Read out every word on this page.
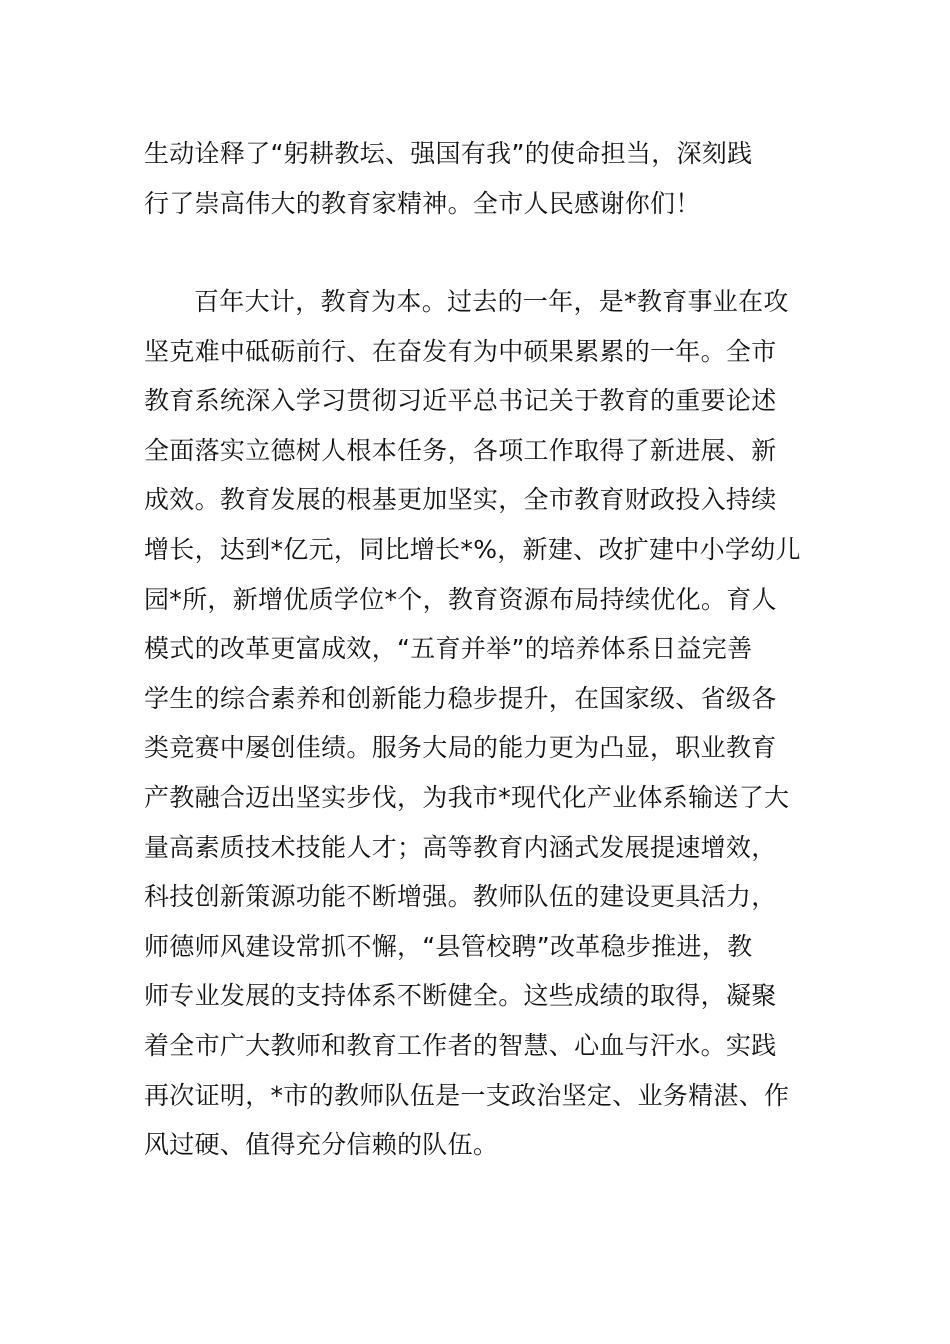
生动诠释了“躬耕教坛、强国有我”的使命担当，深刻践
行了崇高伟大的教育家精神。全市人民感谢你们！
百年大计，教育为本。过去的一年，是*教育事业在攻
坚克难中砥砺前行、在奋发有为中硕果累累的一年。全市
教育系统深入学习贯彻习近平总书记关于教育的重要论述
全面落实立德树人根本任务，各项工作取得了新进展、新
成效。教育发展的根基更加坚实，全市教育财政投入持续
增长，达到*亿元，同比增长*%，新建、改扩建中小学幼儿
园*所，新增优质学位*个，教育资源布局持续优化。育人
模式的改革更富成效，“五育并举”的培养体系日益完善
学生的综合素养和创新能力稳步提升，在国家级、省级各
类竞赛中屡创佳绩。服务大局的能力更为凸显，职业教育
产教融合迈出坚实步伐，为我市*现代化产业体系输送了大
量高素质技术技能人才；高等教育内涵式发展提速增效，
科技创新策源功能不断增强。教师队伍的建设更具活力，
师德师风建设常抓不懈，“县管校聘”改革稳步推进，教
师专业发展的支持体系不断健全。这些成绩的取得，凝聚
着全市广大教师和教育工作者的智慧、心血与汗水。实践
再次证明，*市的教师队伍是一支政治坚定、业务精湛、作
风过硬、值得充分信赖的队伍。
